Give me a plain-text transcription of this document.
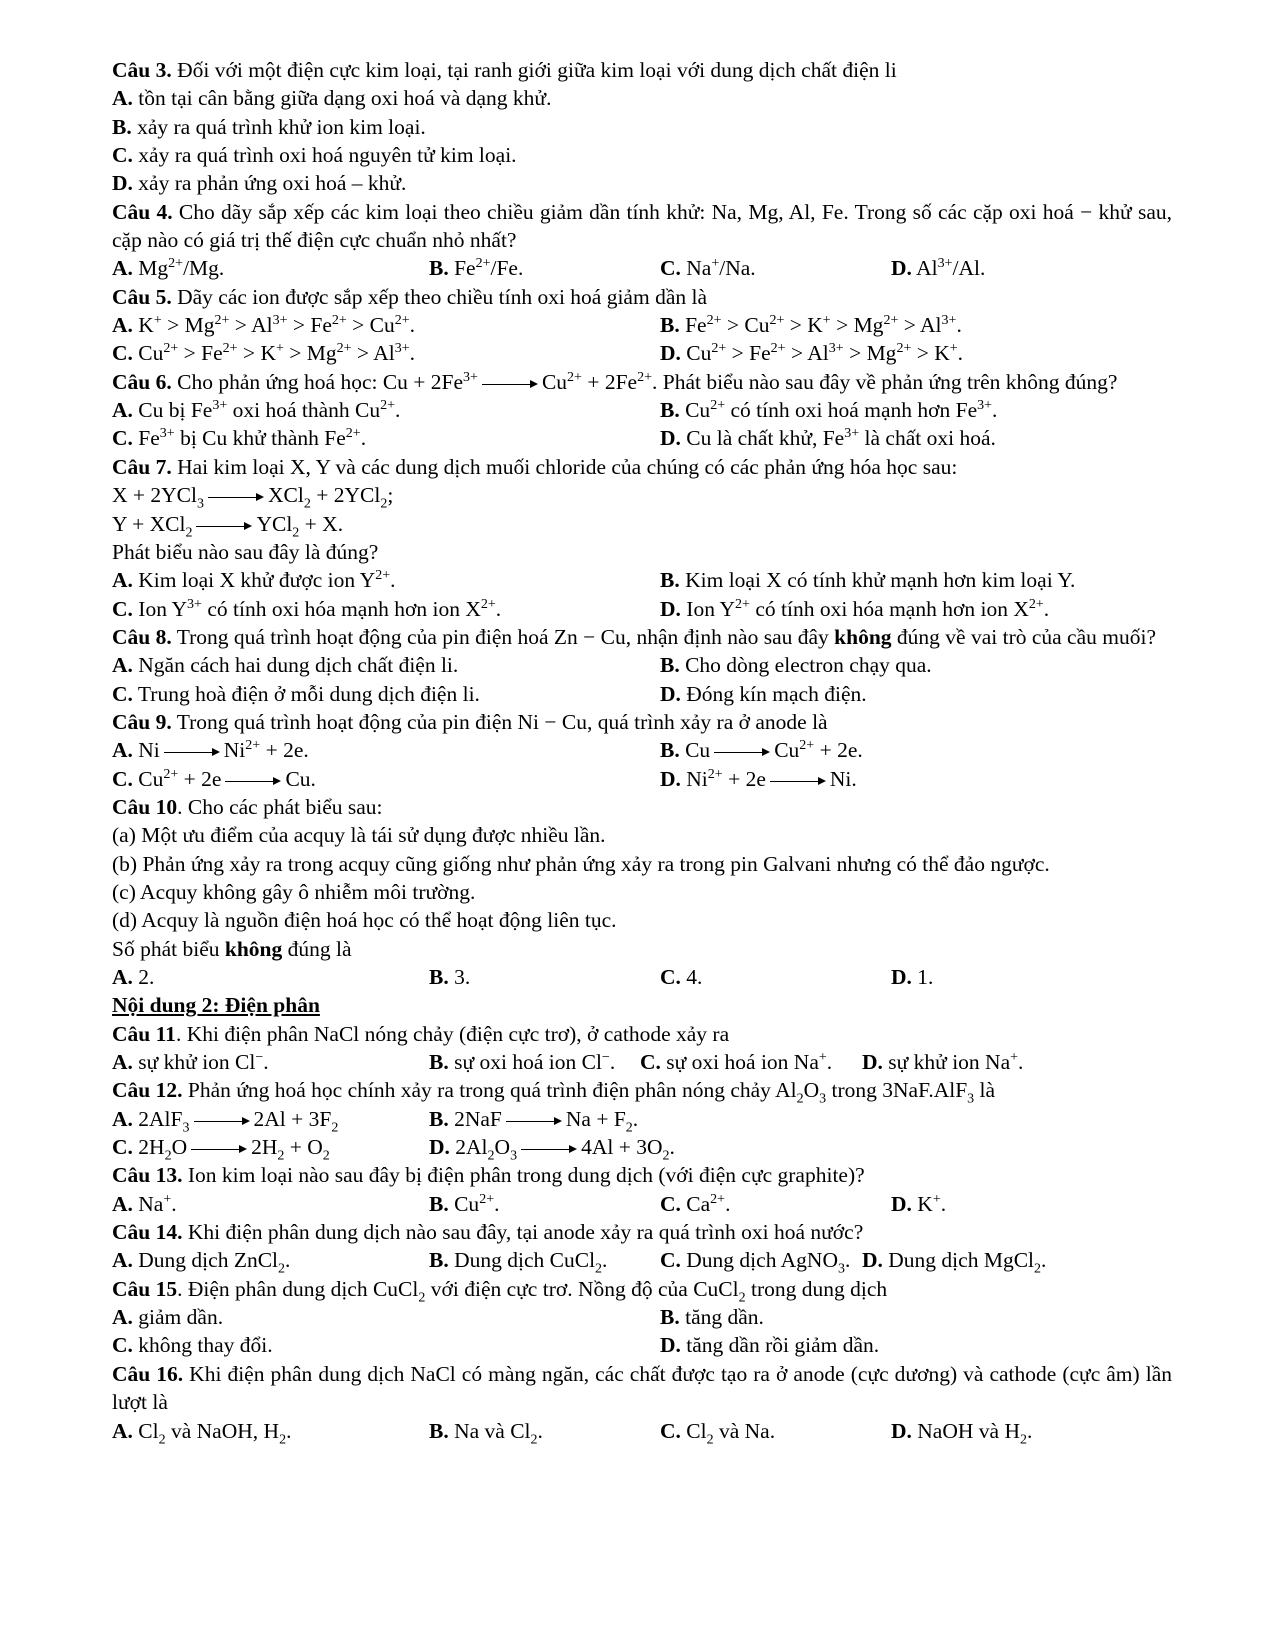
Câu 3. Đối với một điện cực kim loại, tại ranh giới giữa kim loại với dung dịch chất điện li
A. tồn tại cân bằng giữa dạng oxi hoá và dạng khử.
B. xảy ra quá trình khử ion kim loại.
C. xảy ra quá trình oxi hoá nguyên tử kim loại.
D. xảy ra phản ứng oxi hoá – khử.
Câu 4. Cho dãy sắp xếp các kim loại theo chiều giảm dần tính khử: Na, Mg, Al, Fe. Trong số các cặp oxi hoá − khử sau, cặp nào có giá trị thế điện cực chuẩn nhỏ nhất?
A. $Mg^{2+}/Mg$.	B. $Fe^{2+}/Fe$.	C. Na+/Na.	D. $Al^{3+}/Al$.
Câu 5. Dãy các ion được sắp xếp theo chiều tính oxi hoá giảm dần là
A. $K^+ > Mg^{2+} > Al^{3+} > Fe^{2+} > Cu^{2+}$.	B. $Fe^{2+} > Cu^{2+} > K^+ > Mg^{2+} > Al^{3+}$.
C. $Cu^{2+} > Fe^{2+} > K^+ > Mg^{2+} > Al^{3+}$.	D. $Cu^{2+} > Fe^{2+} > Al^{3+} > Mg^{2+} > K^+$.
Câu 6. Cho phản ứng hoá học: $Cu + 2Fe^{3+}$	$Cu^{2+} + 2Fe^{2+}$. Phát biểu nào sau đây về phản ứng trên không đúng?
A. Cu bị $Fe^{3+}$ oxi hoá thành $Cu^{2+}$.	B. $Cu^{2+}$ có tính oxi hoá mạnh hơn $Fe^{3+}$.
C. $Fe^{3+}$ bị Cu khử thành $Fe^{2+}$.	D. Cu là chất khử, $Fe^{3+}$ là chất oxi hoá.
Câu 7. Hai kim loại X, Y và các dung dịch muối chloride của chúng có các phản ứng hóa học sau:
X + 2YCl$_3$	XCl$_2$ + 2YCl$_2$;
Y + XCl$_2$	YCl$_2$ + X.
Phát biểu nào sau đây là đúng?
A. Kim loại X khử được ion $Y^{2+}$.	B. Kim loại X có tính khử mạnh hơn kim loại Y.
C. Ion $Y^{3+}$ có tính oxi hóa mạnh hơn ion $X^{2+}$.	D. Ion $Y^{2+}$ có tính oxi hóa mạnh hơn ion $X^{2+}$.
Câu 8. Trong quá trình hoạt động của pin điện hoá Zn − Cu, nhận định nào sau đây không đúng về vai trò của cầu muối?
A. Ngăn cách hai dung dịch chất điện li.	B. Cho dòng electron chạy qua.
C. Trung hoà điện ở mỗi dung dịch điện li.	D. Đóng kín mạch điện.
Câu 9. Trong quá trình hoạt động của pin điện Ni − Cu, quá trình xảy ra ở anode là
A. Ni	$Ni^{2+} + 2e$.	B. Cu	$Cu^{2+} + 2e$.
C. $Cu^{2+} + 2e$	Cu.	D. $Ni^{2+} + 2e$	Ni.
Câu 10. Cho các phát biểu sau:
(a) Một ưu điểm của acquy là tái sử dụng được nhiều lần.
(b) Phản ứng xảy ra trong acquy cũng giống như phản ứng xảy ra trong pin Galvani nhưng có thể đảo ngược.
(c) Acquy không gây ô nhiễm môi trường.
(d) Acquy là nguồn điện hoá học có thể hoạt động liên tục.
Số phát biểu không đúng là
A. 2.	B. 3.	C. 4.	D. 1.
Nội dung 2: Điện phân
Câu 11. Khi điện phân NaCl nóng chảy (điện cực trơ), ở cathode xảy ra
A. sự khử ion Cl−.	B. sự oxi hoá ion Cl−. C. sự oxi hoá ion Na+. D. sự khử ion Na+.
Câu 12. Phản ứng hoá học chính xảy ra trong quá trình điện phân nóng chảy $Al_2O_3$ trong 3NaF.AlF$_3$ là
A. 2AlF$_3$	$2Al + 3F_2$	B. 2NaF	$Na + F_2$.
C. $2H_2O$	$2H_2 + O_2$	D. $2Al_2O_3$	$4Al + 3O_2$.
Câu 13. Ion kim loại nào sau đây bị điện phân trong dung dịch (với điện cực graphite)?
A. Na+.	B. $Cu^{2+}$.	C. $Ca^{2+}$.	D. K+.
Câu 14. Khi điện phân dung dịch nào sau đây, tại anode xảy ra quá trình oxi hoá nước?
A. Dung dịch ZnCl$_2$.	B. Dung dịch CuCl$_2$. C. Dung dịch AgNO$_3$. D. Dung dịch MgCl$_2$.
Câu 15. Điện phân dung dịch CuCl$_2$ với điện cực trơ. Nồng độ của CuCl$_2$ trong dung dịch
A. giảm dần.	B. tăng dần.
C. không thay đổi.	D. tăng dần rồi giảm dần.
Câu 16. Khi điện phân dung dịch NaCl có màng ngăn, các chất được tạo ra ở anode (cực dương) và cathode (cực âm) lần lượt là
A. $Cl_2$ và NaOH, $H_2$.	B. Na và $Cl_2$.	C. $Cl_2$ và Na.	D. NaOH và $H_2$.
